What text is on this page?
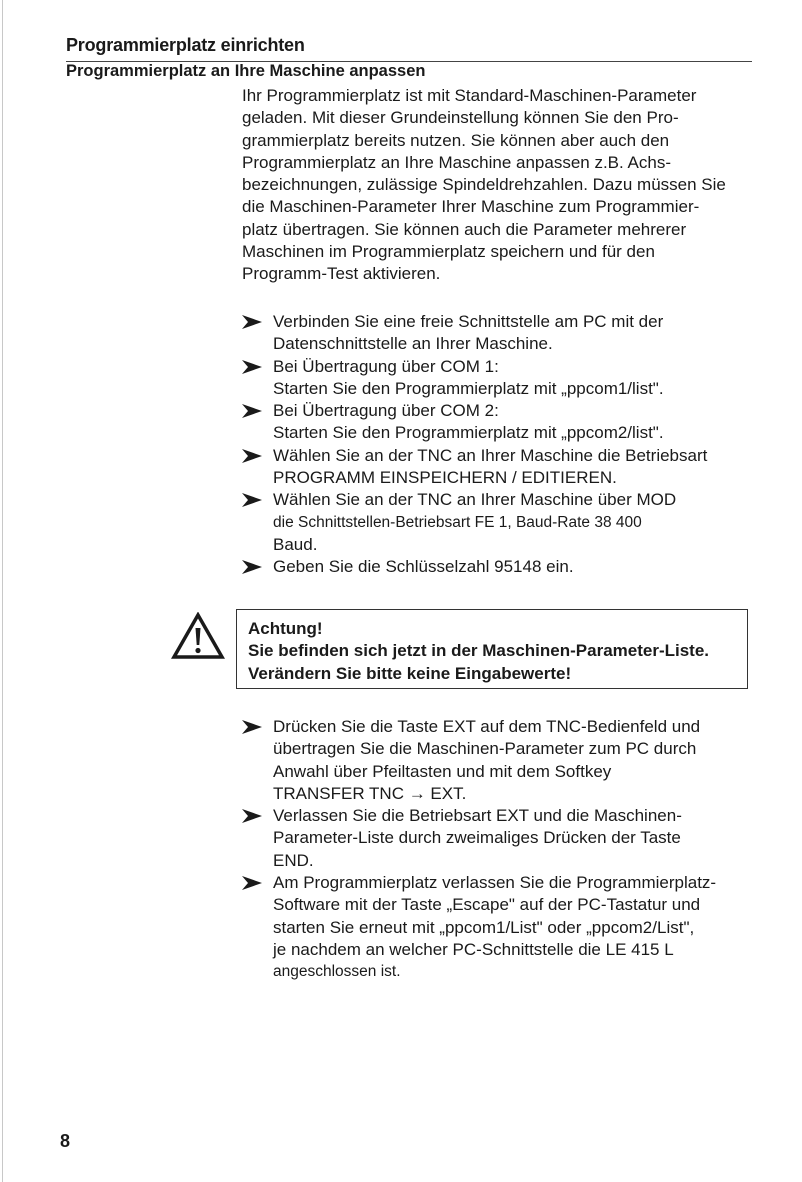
Programmierplatz einrichten
Programmierplatz an Ihre Maschine anpassen
Ihr Programmierplatz ist mit Standard-Maschinen-Parameter
geladen. Mit dieser Grundeinstellung können Sie den Pro-
grammierplatz bereits nutzen. Sie können aber auch den
Programmierplatz an Ihre Maschine anpassen z.B. Achs-
bezeichnungen, zulässige Spindeldrehzahlen. Dazu müssen Sie
die Maschinen-Parameter Ihrer Maschine zum Programmier-
platz übertragen. Sie können auch die Parameter mehrerer
Maschinen im Programmierplatz speichern und für den
Programm-Test aktivieren.
Verbinden Sie eine freie Schnittstelle am PC mit der
Datenschnittstelle an Ihrer Maschine.
Bei Übertragung über COM 1:
Starten Sie den Programmierplatz mit „ppcom1/list".
Bei Übertragung über COM 2:
Starten Sie den Programmierplatz mit „ppcom2/list".
Wählen Sie an der TNC an Ihrer Maschine die Betriebsart
PROGRAMM EINSPEICHERN / EDITIEREN.
Wählen Sie an der TNC an Ihrer Maschine über MOD
die Schnittstellen-Betriebsart FE 1, Baud-Rate 38 400
Baud.
Geben Sie die Schlüsselzahl 95148 ein.
Achtung!
Sie befinden sich jetzt in der Maschinen-Parameter-Liste.
Verändern Sie bitte keine Eingabewerte!
Drücken Sie die Taste EXT auf dem TNC-Bedienfeld und
übertragen Sie die Maschinen-Parameter zum PC durch
Anwahl über Pfeiltasten und mit dem Softkey
TRANSFER TNC → EXT.
Verlassen Sie die Betriebsart EXT und die Maschinen-
Parameter-Liste durch zweimaliges Drücken der Taste
END.
Am Programmierplatz verlassen Sie die Programmierplatz-
Software mit der Taste „Escape" auf der PC-Tastatur und
starten Sie erneut mit „ppcom1/List" oder „ppcom2/List",
je nachdem an welcher PC-Schnittstelle die LE 415 L
angeschlossen ist.
8
